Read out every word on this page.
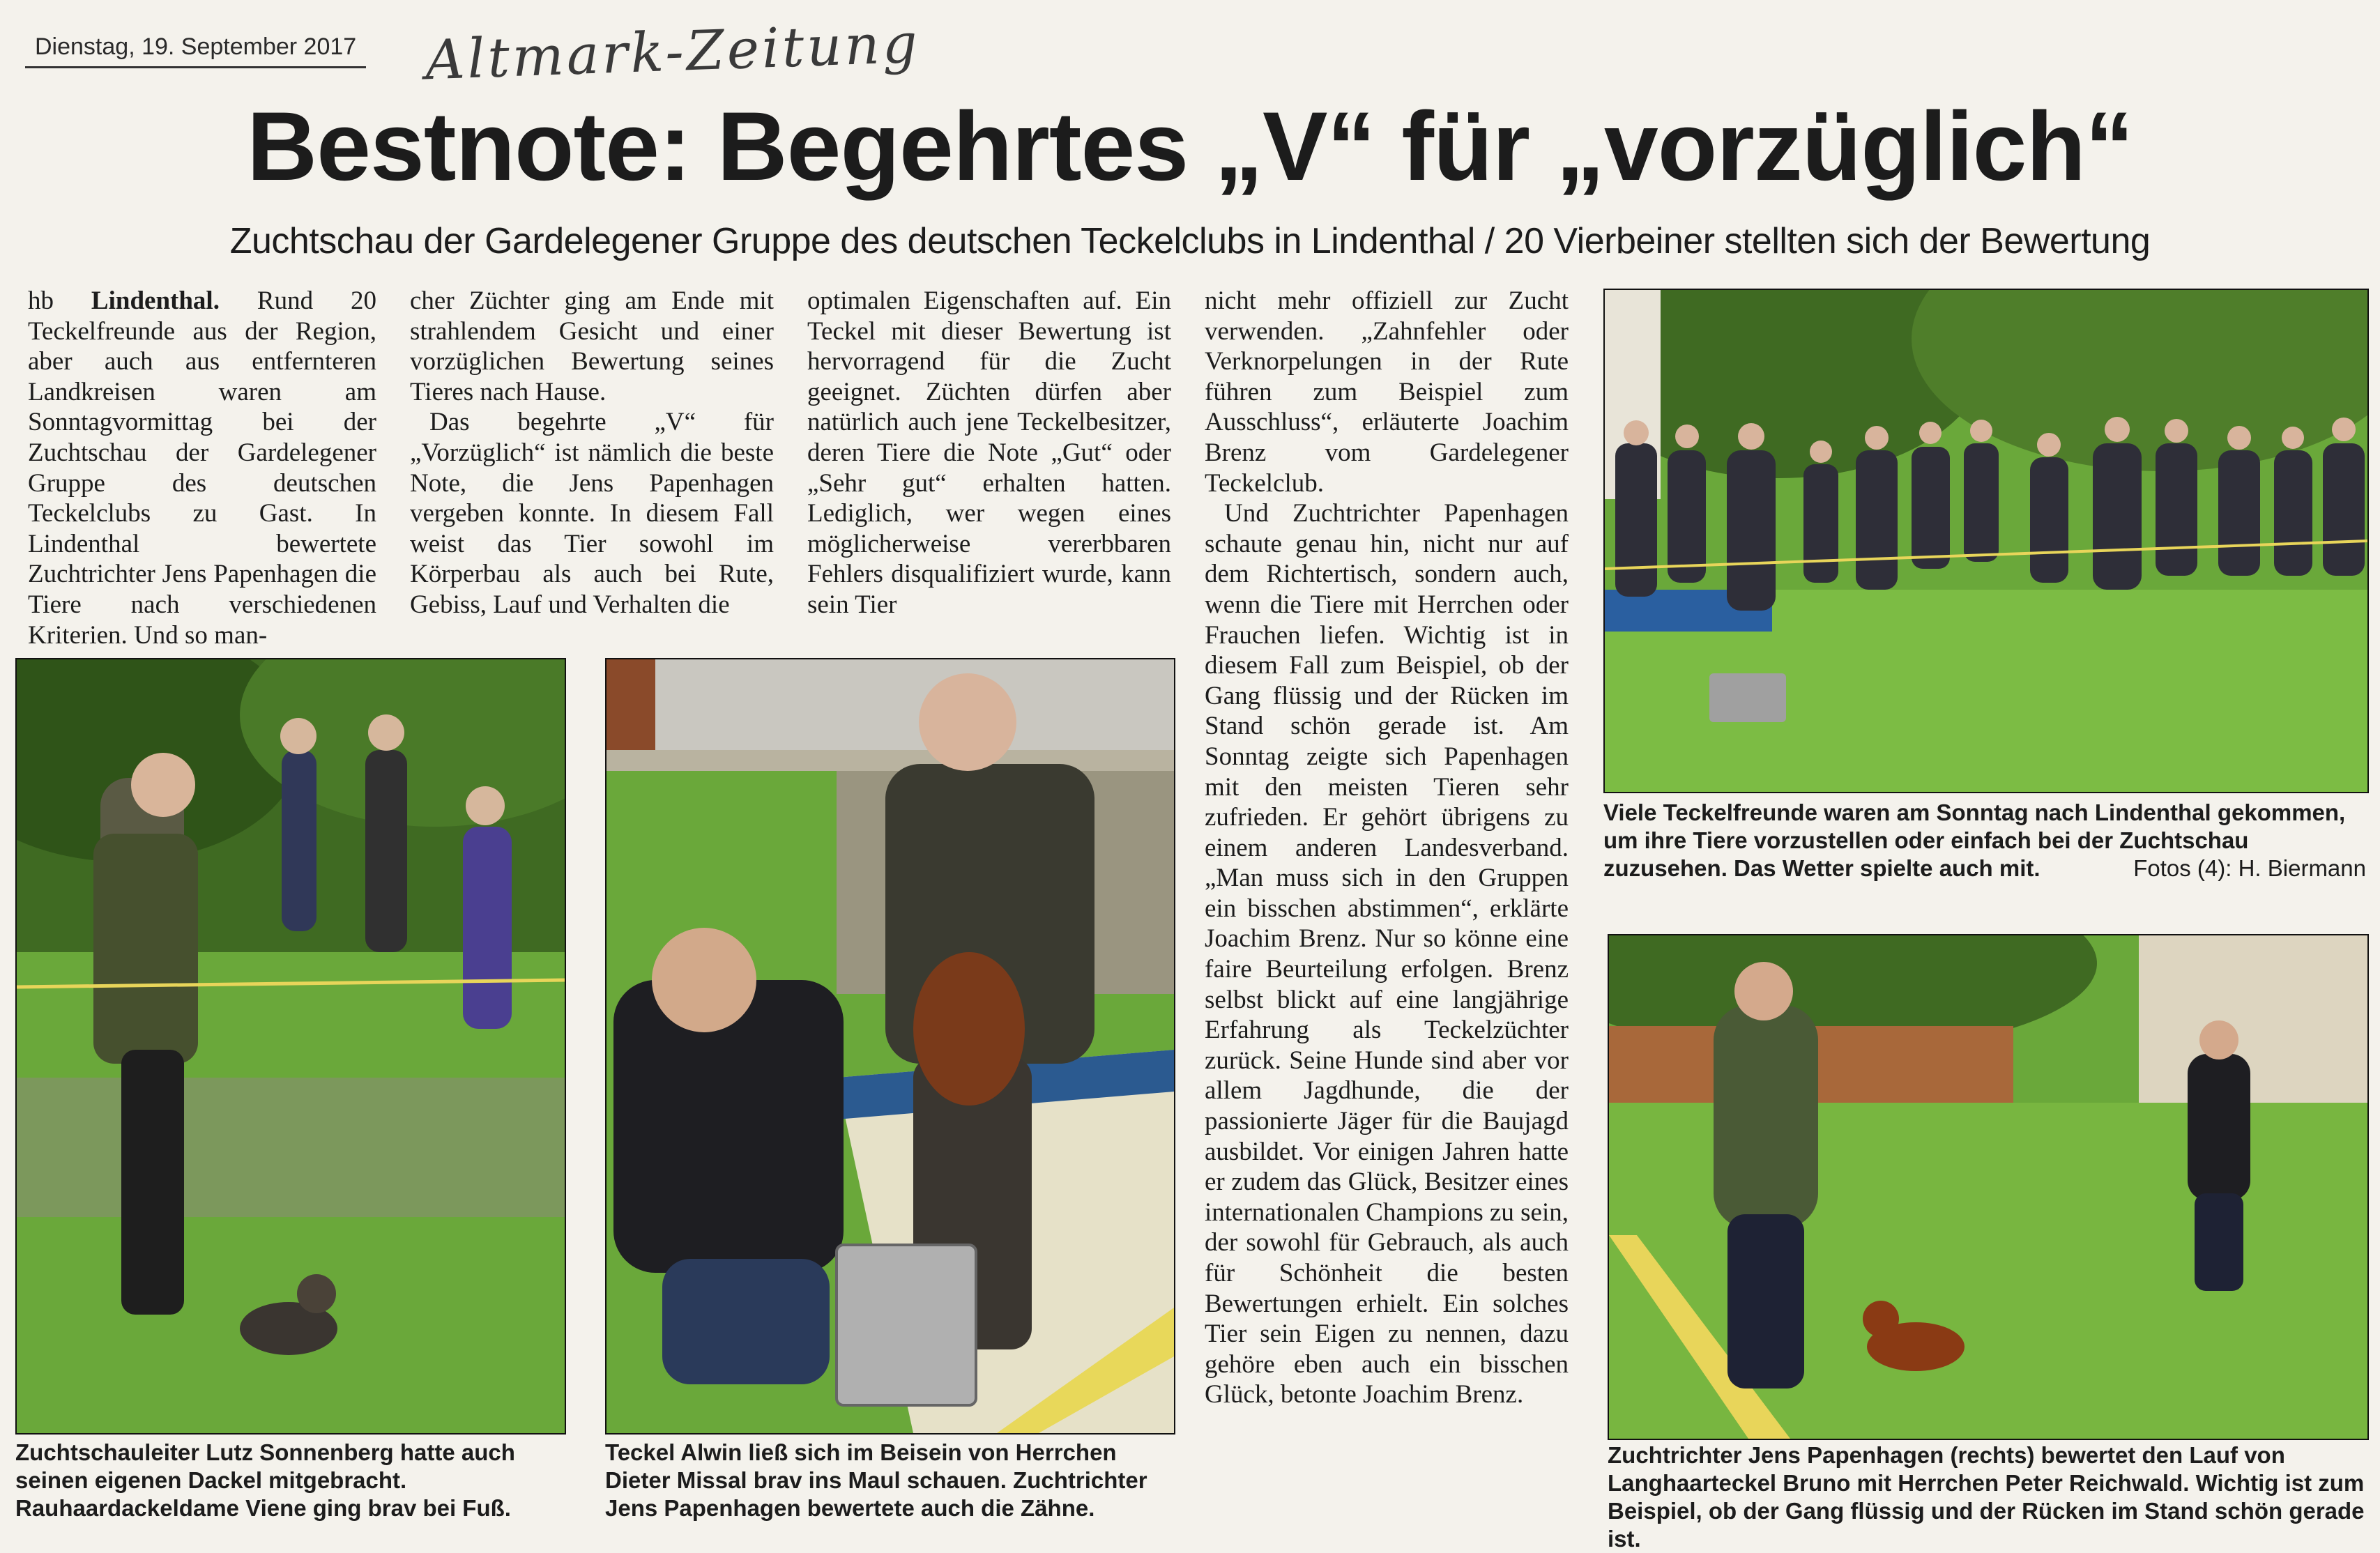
Dienstag, 19. September 2017 Altmark-Zeitung
Bestnote: Begehrtes „V“ für „vorzüglich“
Zuchtschau der Gardelegener Gruppe des deutschen Teckelclubs in Lindenthal / 20 Vierbeiner stellten sich der Bewertung

hb Lindenthal. Rund 20 Teckelfreunde aus der Region, aber auch aus entfernteren Landkreisen waren am Sonntagvormittag bei der Zuchtschau der Gardelegener Gruppe des deutschen Teckelclubs zu Gast. In Lindenthal bewertete Zuchtrichter Jens Papenhagen die Tiere nach verschiedenen Kriterien. Und so man-

cher Züchter ging am Ende mit strahlendem Gesicht und einer vorzüglichen Bewertung seines Tieres nach Hause.

Das begehrte „V“ für „Vorzüglich“ ist nämlich die beste Note, die Jens Papenhagen vergeben konnte. In diesem Fall weist das Tier sowohl im Körperbau als auch bei Rute, Gebiss, Lauf und Verhalten die

optimalen Eigenschaften auf. Ein Teckel mit dieser Bewertung ist hervorragend für die Zucht geeignet. Züchten dürfen aber natürlich auch jene Teckelbesitzer, deren Tiere die Note „Gut“ oder „Sehr gut“ erhalten hatten. Lediglich, wer wegen eines möglicherweise vererbbaren Fehlers disqualifiziert wurde, kann sein Tier

nicht mehr offiziell zur Zucht verwenden. „Zahnfehler oder Verknorpelungen in der Rute führen zum Beispiel zum Ausschluss“, erläuterte Joachim Brenz vom Gardelegener Teckelclub.

Und Zuchtrichter Papenhagen schaute genau hin, nicht nur auf dem Richtertisch, sondern auch, wenn die Tiere mit Herrchen oder Frauchen liefen. Wichtig ist in diesem Fall zum Beispiel, ob der Gang flüssig und der Rücken im Stand schön gerade ist. Am Sonntag zeigte sich Papenhagen mit den meisten Tieren sehr zufrieden. Er gehört übrigens zu einem anderen Landesverband. „Man muss sich in den Gruppen ein bisschen abstimmen“, erklärte Joachim Brenz. Nur so könne eine faire Beurteilung erfolgen. Brenz selbst blickt auf eine langjährige Erfahrung als Teckelzüchter zurück. Seine Hunde sind aber vor allem Jagdhunde, die der passionierte Jäger für die Baujagd ausbildet. Vor einigen Jahren hatte er zudem das Glück, Besitzer eines internationalen Champions zu sein, der sowohl für Gebrauch, als auch für Schönheit die besten Bewertungen erhielt. Ein solches Tier sein Eigen zu nennen, dazu gehöre eben auch ein bisschen Glück, betonte Joachim Brenz.

Zuchtschauleiter Lutz Sonnenberg hatte auch seinen eigenen Dackel mitgebracht. Rauhaardackeldame Viene ging brav bei Fuß.
Teckel Alwin ließ sich im Beisein von Herrchen Dieter Missal brav ins Maul schauen. Zuchtrichter Jens Papenhagen bewertete auch die Zähne.
Viele Teckelfreunde waren am Sonntag nach Lindenthal gekommen, um ihre Tiere vorzustellen oder einfach bei der Zuchtschau zuzusehen. Das Wetter spielte auch mit.	Fotos (4): H. Biermann
Zuchtrichter Jens Papenhagen (rechts) bewertet den Lauf von Langhaarteckel Bruno mit Herrchen Peter Reichwald. Wichtig ist zum Beispiel, ob der Gang flüssig und der Rücken im Stand schön gerade ist.
